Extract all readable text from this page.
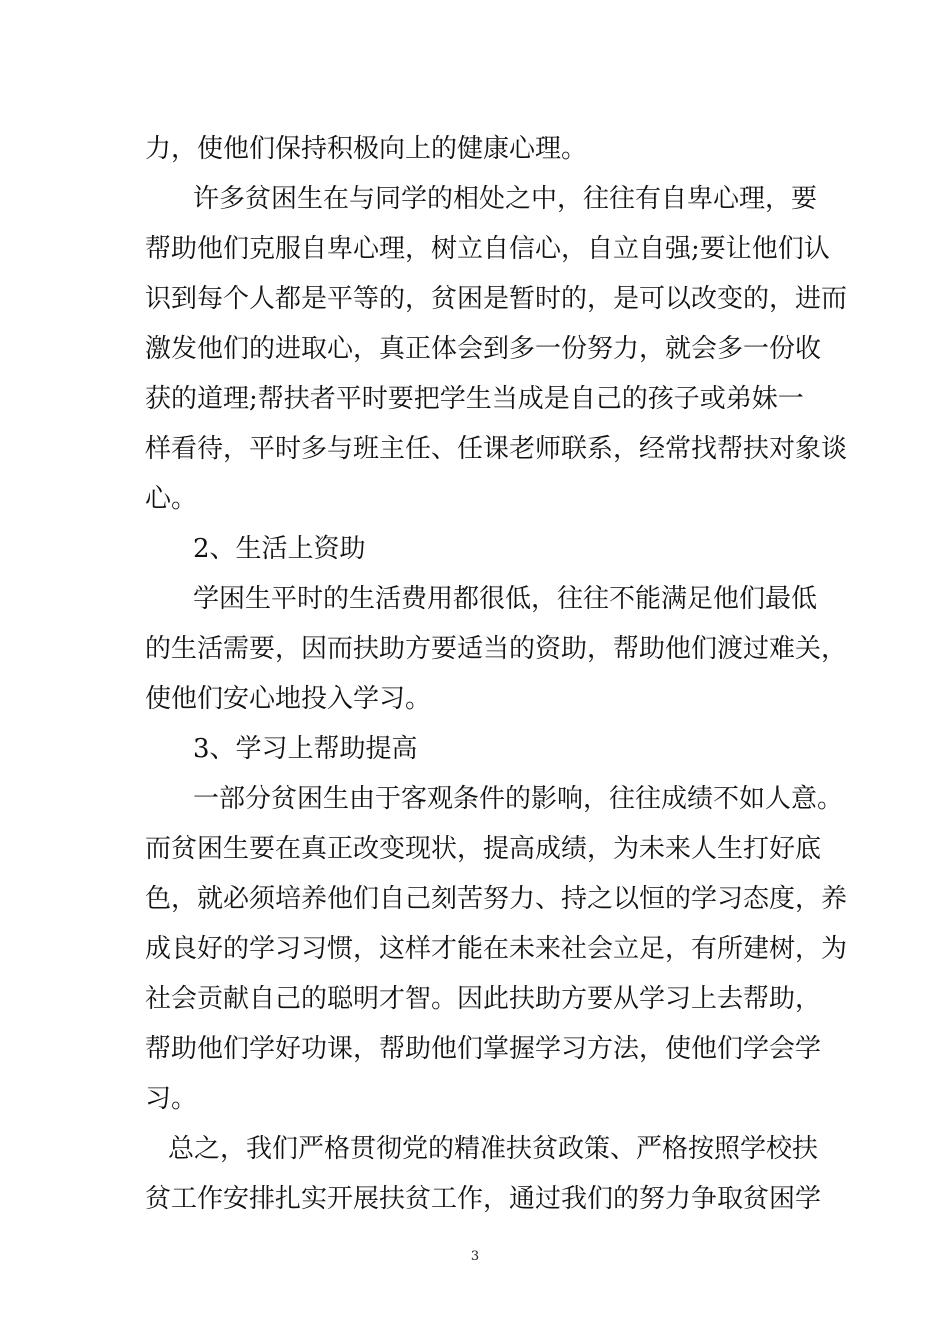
力，使他们保持积极向上的健康心理。
许多贫困生在与同学的相处之中，往往有自卑心理，要
帮助他们克服自卑心理，树立自信心，自立自强;要让他们认
识到每个人都是平等的，贫困是暂时的，是可以改变的，进而
激发他们的进取心，真正体会到多一份努力，就会多一份收
获的道理;帮扶者平时要把学生当成是自己的孩子或弟妹一
样看待，平时多与班主任、任课老师联系，经常找帮扶对象谈
心。
2、生活上资助
学困生平时的生活费用都很低，往往不能满足他们最低
的生活需要，因而扶助方要适当的资助，帮助他们渡过难关，
使他们安心地投入学习。
3、学习上帮助提高
一部分贫困生由于客观条件的影响，往往成绩不如人意。
而贫困生要在真正改变现状，提高成绩，为未来人生打好底
色，就必须培养他们自己刻苦努力、持之以恒的学习态度，养
成良好的学习习惯，这样才能在未来社会立足，有所建树，为
社会贡献自己的聪明才智。因此扶助方要从学习上去帮助，
帮助他们学好功课，帮助他们掌握学习方法，使他们学会学
习。
总之，我们严格贯彻党的精准扶贫政策、严格按照学校扶
贫工作安排扎实开展扶贫工作，通过我们的努力争取贫困学
3
